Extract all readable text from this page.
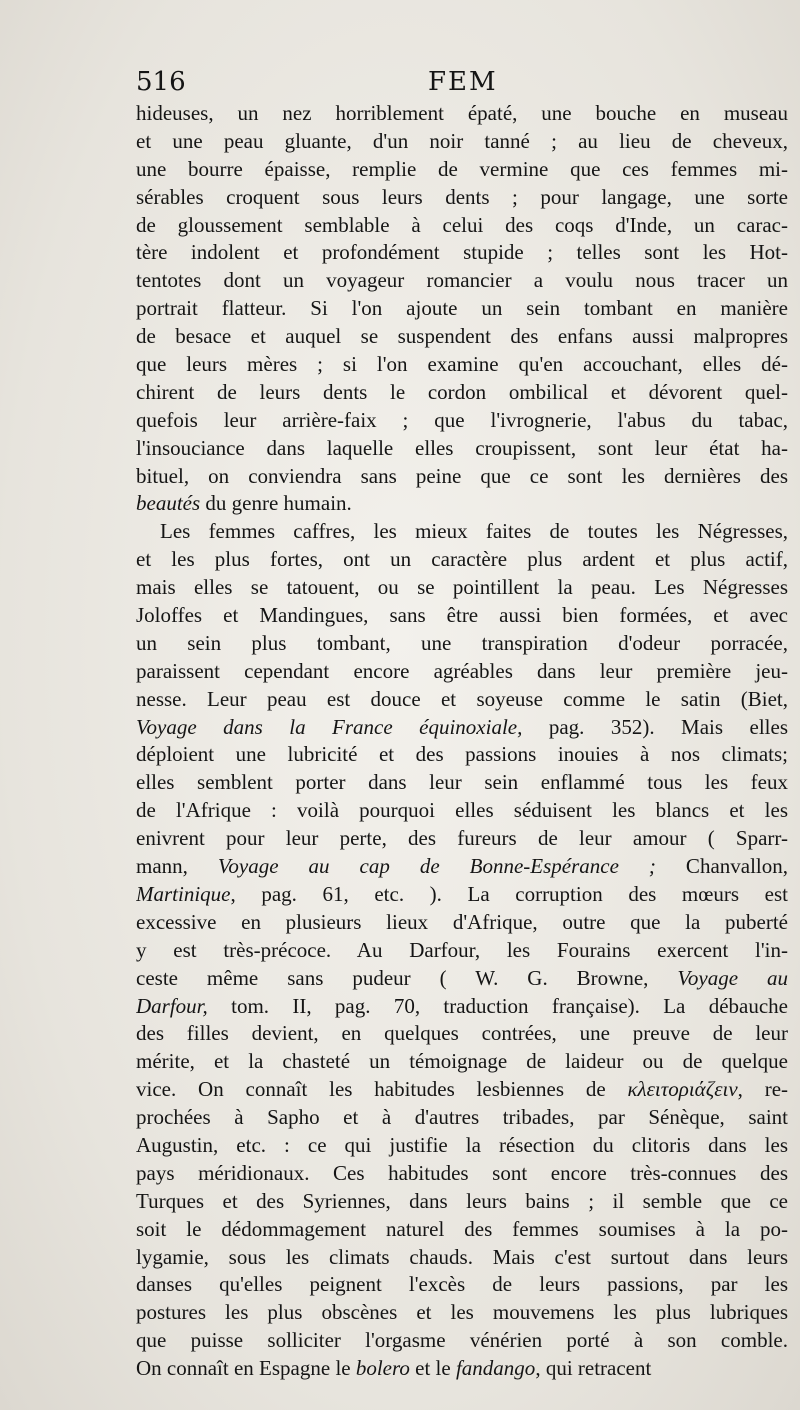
516	FEM
hideuses, un nez horriblement épaté, une bouche en museau
et une peau gluante, d'un noir tanné ; au lieu de cheveux,
une bourre épaisse, remplie de vermine que ces femmes mi-
sérables croquent sous leurs dents ; pour langage, une sorte
de gloussement semblable à celui des coqs d'Inde, un carac-
tère indolent et profondément stupide ; telles sont les Hot-
tentotes dont un voyageur romancier a voulu nous tracer un
portrait flatteur. Si l'on ajoute un sein tombant en manière
de besace et auquel se suspendent des enfans aussi malpropres
que leurs mères ; si l'on examine qu'en accouchant, elles dé-
chirent de leurs dents le cordon ombilical et dévorent quel-
quefois leur arrière-faix ; que l'ivrognerie, l'abus du tabac,
l'insouciance dans laquelle elles croupissent, sont leur état ha-
bituel, on conviendra sans peine que ce sont les dernières des
beautés du genre humain.
Les femmes caffres, les mieux faites de toutes les Négresses,
et les plus fortes, ont un caractère plus ardent et plus actif,
mais elles se tatouent, ou se pointillent la peau. Les Négresses
Joloffes et Mandingues, sans être aussi bien formées, et avec
un sein plus tombant, une transpiration d'odeur porracée,
paraissent cependant encore agréables dans leur première jeu-
nesse. Leur peau est douce et soyeuse comme le satin (Biet,
Voyage dans la France équinoxiale, pag. 352). Mais elles
déploient une lubricité et des passions inouies à nos climats;
elles semblent porter dans leur sein enflammé tous les feux
de l'Afrique : voilà pourquoi elles séduisent les blancs et les
enivrent pour leur perte, des fureurs de leur amour ( Sparr-
mann, Voyage au cap de Bonne-Espérance ; Chanvallon,
Martinique, pag. 61, etc. ). La corruption des mœurs est
excessive en plusieurs lieux d'Afrique, outre que la puberté
y est très-précoce. Au Darfour, les Fourains exercent l'in-
ceste même sans pudeur ( W. G. Browne, Voyage au
Darfour, tom. II, pag. 70, traduction française). La débauche
des filles devient, en quelques contrées, une preuve de leur
mérite, et la chasteté un témoignage de laideur ou de quelque
vice. On connaît les habitudes lesbiennes de κλειτοριάζειν, re-
prochées à Sapho et à d'autres tribades, par Sénèque, saint
Augustin, etc. : ce qui justifie la résection du clitoris dans les
pays méridionaux. Ces habitudes sont encore très-connues des
Turques et des Syriennes, dans leurs bains ; il semble que ce
soit le dédommagement naturel des femmes soumises à la po-
lygamie, sous les climats chauds. Mais c'est surtout dans leurs
danses qu'elles peignent l'excès de leurs passions, par les
postures les plus obscènes et les mouvemens les plus lubriques
que puisse solliciter l'orgasme vénérien porté à son comble.
On connaît en Espagne le bolero et le fandango, qui retracent
